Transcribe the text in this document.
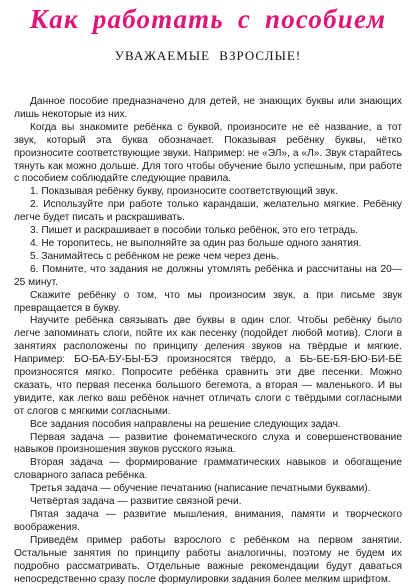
Как работать с пособием
УВАЖАЕМЫЕ ВЗРОСЛЫЕ!

Данное пособие предназначено для детей, не знающих буквы или знающих лишь некоторые из них.

Когда вы знакомите ребёнка с буквой, произносите не её название, а тот звук, который эта буква обозначает. Показывая ребёнку буквы, чётко произносите соответствующие звуки. Например: не «ЭЛ», а «Л». Звук старайтесь тянуть как можно дольше. Для того чтобы обучение было успешным, при работе с пособием соблюдайте следующие правила.

1. Показывая ребёнку букву, произносите соответствующий звук.

2. Используйте при работе только карандаши, желательно мягкие. Ребёнку легче будет писать и раскрашивать.

3. Пишет и раскрашивает в пособии только ребёнок, это его тетрадь.

4. Не торопитесь, не выполняйте за один раз больше одного занятия.

5. Занимайтесь с ребёнком не реже чем через день.

6. Помните, что задания не должны утомлять ребёнка и рассчитаны на 20—25 минут.

Скажите ребёнку о том, что мы произносим звук, а при письме звук превращается в букву.

Научите ребёнка связывать две буквы в один слог. Чтобы ребёнку было легче запоминать слоги, пойте их как песенку (подойдет любой мотив). Слоги в занятиях расположены по принципу деления звуков на твёрдые и мягкие. Например: БО-БА-БУ-БЫ-БЭ произносятся твёрдо, а БЬ-БЕ-БЯ-БЮ-БИ-БЁ произносятся мягко. Попросите ребёнка сравнить эти две песенки. Можно сказать, что первая песенка большого бегемота, а вторая — маленького. И вы увидите, как легко ваш ребёнок начнет отличать слоги с твёрдыми согласными от слогов с мягкими согласными.

Все задания пособия направлены на решение следующих задач.

Первая задача — развитие фонематического слуха и совершенствование навыков произношения звуков русского языка.

Вторая задача — формирование грамматических навыков и обогащение словарного запаса ребёнка.

Третья задача — обучение печатанию (написание печатными буквами).

Четвёртая задача — развитие связной речи.

Пятая задача — развитие мышления, внимания, памяти и творческого воображения.

Приведём пример работы взрослого с ребёнком на первом занятии. Остальные занятия по принципу работы аналогичны, поэтому не будем их подробно рассматривать. Отдельные важные рекомендации будут даваться непосредственно сразу после формулировки задания более мелким шрифтом.
